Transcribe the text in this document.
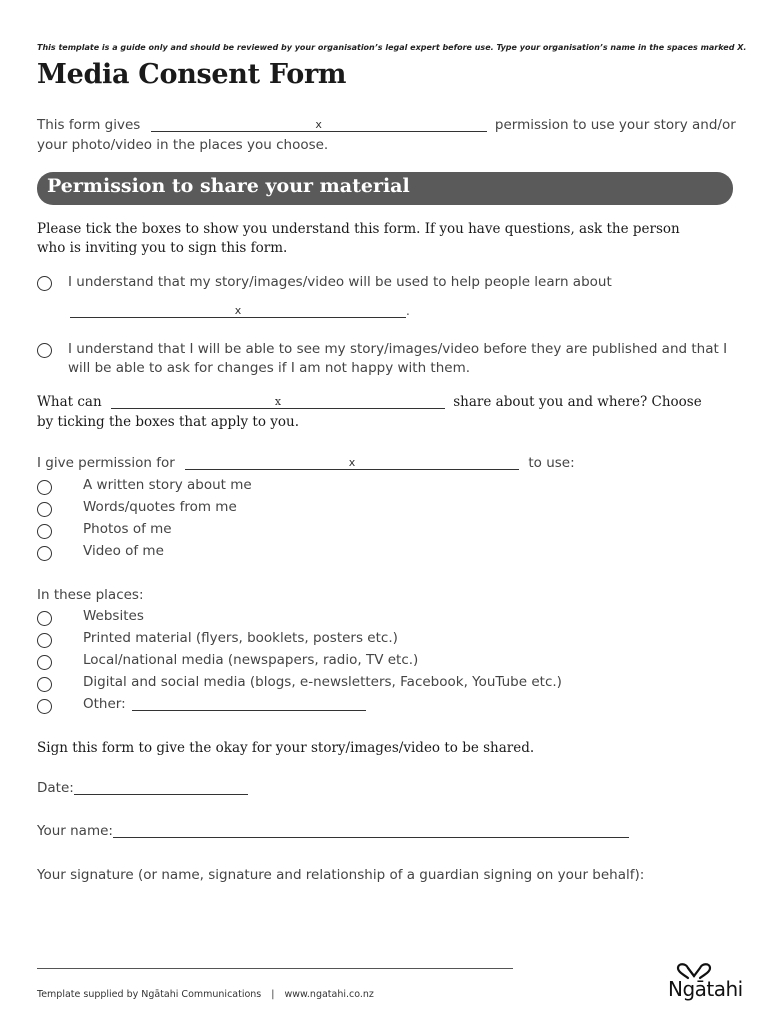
This template is a guide only and should be reviewed by your organisation’s legal expert before use. Type your organisation’s name in the spaces marked X.
Media Consent Form
This form gives	x	permission to use your story and/or
your photo/video in the places you choose.
Permission to share your material
Please tick the boxes to show you understand this form. If you have questions, ask the person
who is inviting you to sign this form.
I understand that my story/images/video will be used to help people learn about
x	.
I understand that I will be able to see my story/images/video before they are published and that I
will be able to ask for changes if I am not happy with them.
What can	x	share about you and where? Choose
by ticking the boxes that apply to you.
I give permission for	x	to use:
A written story about me
Words/quotes from me
Photos of me
Video of me
In these places:
Websites
Printed material (flyers, booklets, posters etc.)
Local/national media (newspapers, radio, TV etc.)
Digital and social media (blogs, e-newsletters, Facebook, YouTube etc.)
Other:
Sign this form to give the okay for your story/images/video to be shared.
Date:
Your name:
Your signature (or name, signature and relationship of a guardian signing on your behalf):
Template supplied by Ngātahi Communications | www.ngatahi.co.nz	Ngātahi
